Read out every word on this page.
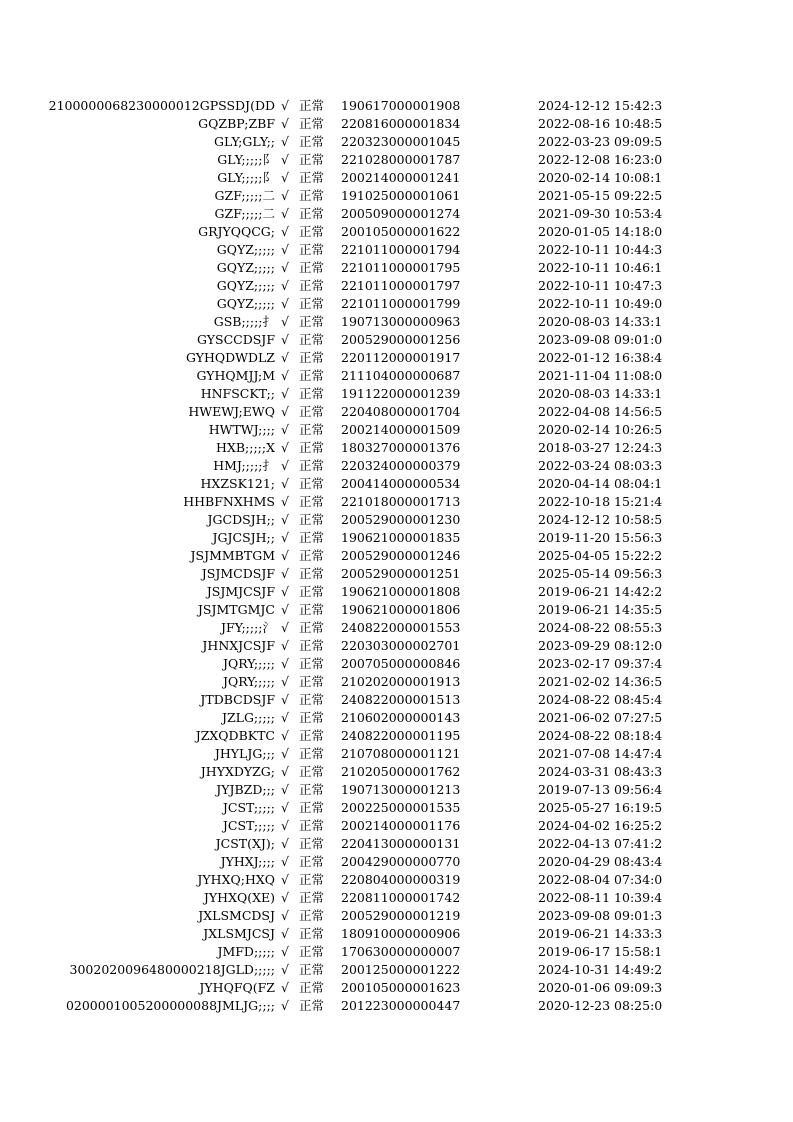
2100000068230000012GPSSDJ(DD √ 正常 190617000001908	2024-12-12 15:42:3
GQZBP;ZBF √ 正常 220816000001834	2022-08-16 10:48:5
GLY;GLY;; √ 正常 220323000001045	2022-03-23 09:09:5
GLY;;;;;阝 √ 正常 221028000001787	2022-12-08 16:23:0
GLY;;;;;阝 √ 正常 200214000001241	2020-02-14 10:08:1
GZF;;;;;二 √ 正常 191025000001061	2021-05-15 09:22:5
GZF;;;;;二 √ 正常 200509000001274	2021-09-30 10:53:4
GRJYQQCG; √ 正常 200105000001622	2020-01-05 14:18:0
GQYZ;;;;; √ 正常 221011000001794	2022-10-11 10:44:3
GQYZ;;;;; √ 正常 221011000001795	2022-10-11 10:46:1
GQYZ;;;;; √ 正常 221011000001797	2022-10-11 10:47:3
GQYZ;;;;; √ 正常 221011000001799	2022-10-11 10:49:0
GSB;;;;;扌 √ 正常 190713000000963	2020-08-03 14:33:1
GYSCCDSJF √ 正常 200529000001256	2023-09-08 09:01:0
GYHQDWDLZ √ 正常 220112000001917	2022-01-12 16:38:4
GYHQMJJ;M √ 正常 211104000000687	2021-11-04 11:08:0
HNFSCKT;; √ 正常 191122000001239	2020-08-03 14:33:1
HWEWJ;EWQ √ 正常 220408000001704	2022-04-08 14:56:5
HWTWJ;;;; √ 正常 200214000001509	2020-02-14 10:26:5
HXB;;;;;X √ 正常 180327000001376	2018-03-27 12:24:3
HMJ;;;;;扌 √ 正常 220324000000379	2022-03-24 08:03:3
HXZSK121; √ 正常 200414000000534	2020-04-14 08:04:1
HHBFNXHMS √ 正常 221018000001713	2022-10-18 15:21:4
JGCDSJH;; √ 正常 200529000001230	2024-12-12 10:58:5
JGJCSJH;; √ 正常 190621000001835	2019-11-20 15:56:3
JSJMMBTGM √ 正常 200529000001246	2025-04-05 15:22:2
JSJMCDSJF √ 正常 200529000001251	2025-05-14 09:56:3
JSJMJCSJF √ 正常 190621000001808	2019-06-21 14:42:2
JSJMTGMJC √ 正常 190621000001806	2019-06-21 14:35:5
JFY;;;;;氵 √ 正常 240822000001553	2024-08-22 08:55:3
JHNXJCSJF √ 正常 220303000002701	2023-09-29 08:12:0
JQRY;;;;; √ 正常 200705000000846	2023-02-17 09:37:4
JQRY;;;;; √ 正常 210202000001913	2021-02-02 14:36:5
JTDBCDSJF √ 正常 240822000001513	2024-08-22 08:45:4
JZLG;;;;; √ 正常 210602000000143	2021-06-02 07:27:5
JZXQDBKTC √ 正常 240822000001195	2024-08-22 08:18:4
JHYLJG;;; √ 正常 210708000001121	2021-07-08 14:47:4
JHYXDYZG; √ 正常 210205000001762	2024-03-31 08:43:3
JYJBZD;;; √ 正常 190713000001213	2019-07-13 09:56:4
JCST;;;;; √ 正常 200225000001535	2025-05-27 16:19:5
JCST;;;;; √ 正常 200214000001176	2024-04-02 16:25:2
JCST(XJ); √ 正常 220413000000131	2022-04-13 07:41:2
JYHXJ;;;; √ 正常 200429000000770	2020-04-29 08:43:4
JYHXQ;HXQ √ 正常 220804000000319	2022-08-04 07:34:0
JYHXQ(XE) √ 正常 220811000001742	2022-08-11 10:39:4
JXLSMCDSJ √ 正常 200529000001219	2023-09-08 09:01:3
JXLSMJCSJ √ 正常 180910000000906	2019-06-21 14:33:3
JMFD;;;;; √ 正常 170630000000007	2019-06-17 15:58:1
3002020096480000218JGLD;;;;; √ 正常 200125000001222	2024-10-31 14:49:2
JYHQFQ(FZ √ 正常 200105000001623	2020-01-06 09:09:3
0200001005200000088JMLJG;;;; √ 正常 201223000000447	2020-12-23 08:25:0
